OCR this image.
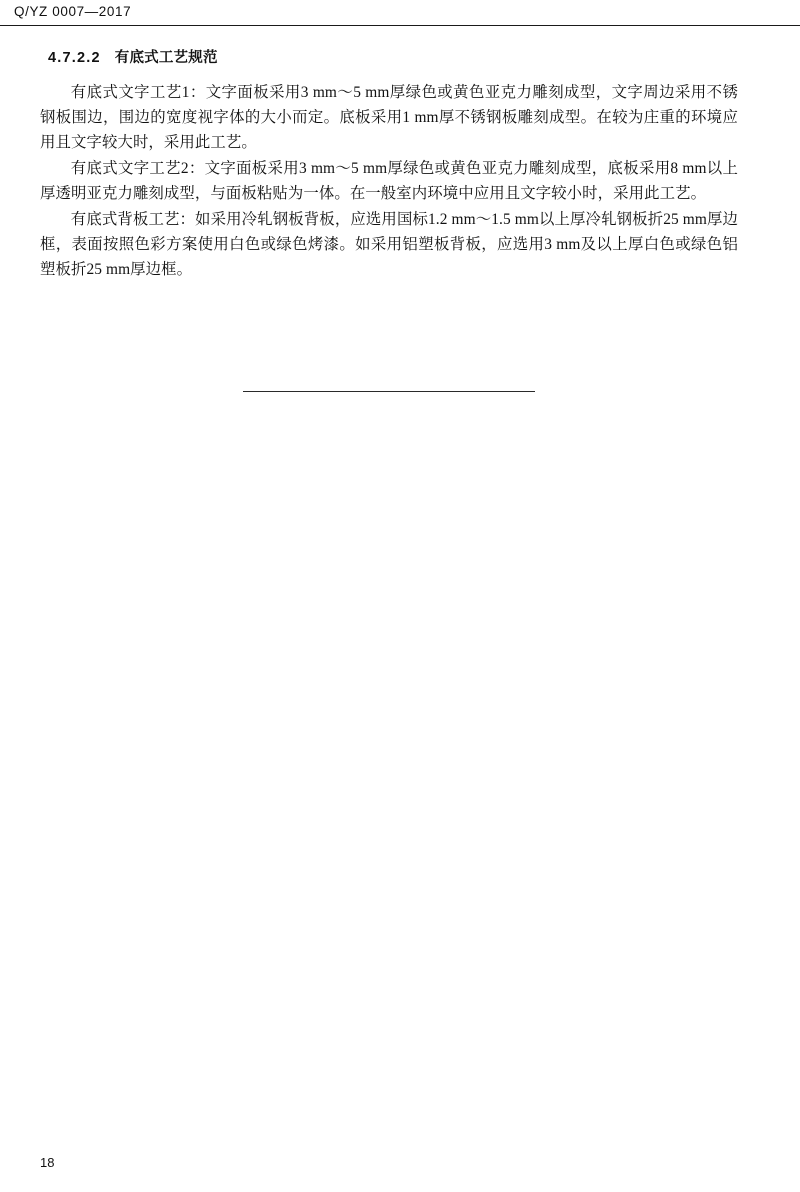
Q/YZ 0007—2017
4.7.2.2 有底式工艺规范

有底式文字工艺1：文字面板采用3 mm～5 mm厚绿色或黄色亚克力雕刻成型，文字周边采用不锈钢板围边，围边的宽度视字体的大小而定。底板采用1 mm厚不锈钢板雕刻成型。在较为庄重的环境应用且文字较大时，采用此工艺。

有底式文字工艺2：文字面板采用3 mm～5 mm厚绿色或黄色亚克力雕刻成型，底板采用8 mm以上厚透明亚克力雕刻成型，与面板粘贴为一体。在一般室内环境中应用且文字较小时，采用此工艺。

有底式背板工艺：如采用冷轧钢板背板，应选用国标1.2 mm～1.5 mm以上厚冷轧钢板折25 mm厚边框，表面按照色彩方案使用白色或绿色烤漆。如采用铝塑板背板，应选用3 mm及以上厚白色或绿色铝塑板折25 mm厚边框。

18
